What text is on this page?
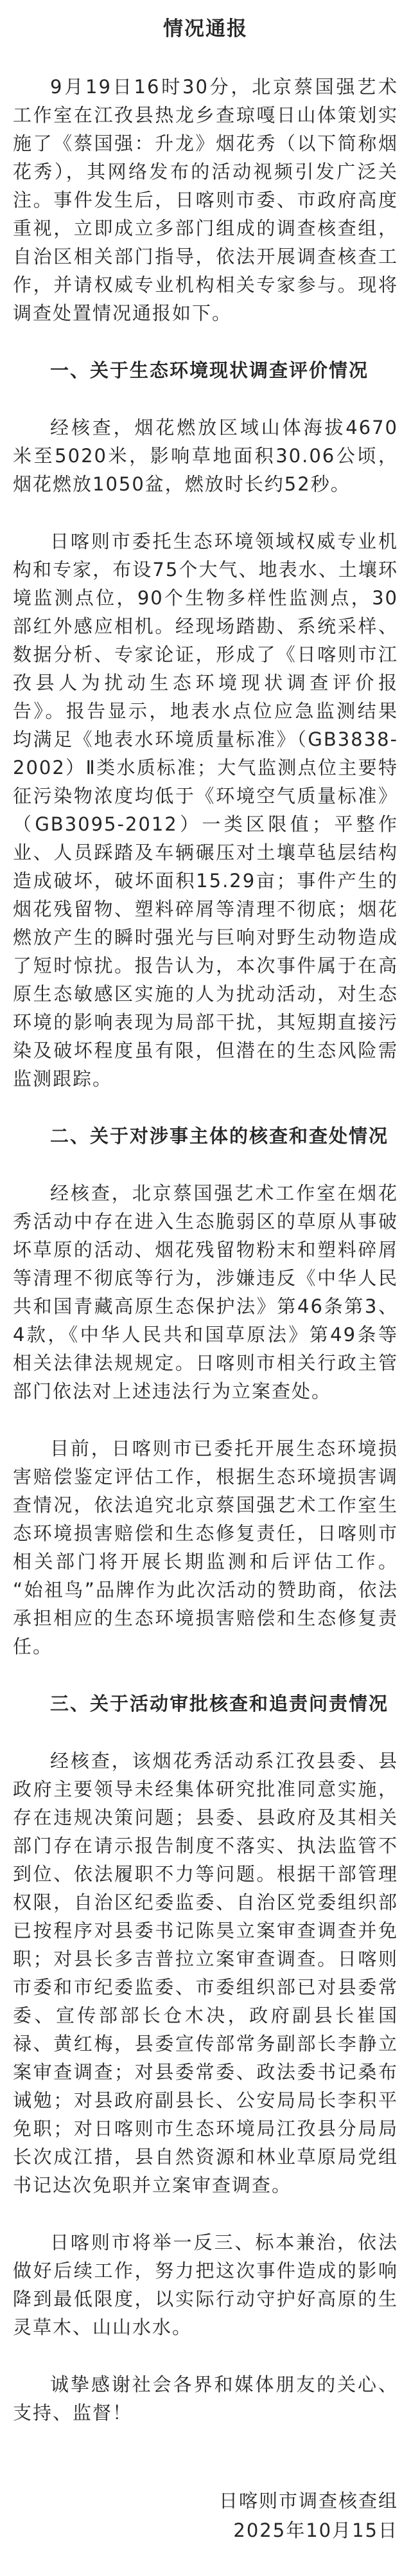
情况通报

9月19日16时30分，北京蔡国强艺术工作室在江孜县热龙乡查琼嘎日山体策划实施了《蔡国强：升龙》烟花秀（以下简称烟花秀），其网络发布的活动视频引发广泛关注。事件发生后，日喀则市委、市政府高度重视，立即成立多部门组成的调查核查组，自治区相关部门指导，依法开展调查核查工作，并请权威专业机构相关专家参与。现将调查处置情况通报如下。

一、关于生态环境现状调查评价情况

经核查，烟花燃放区域山体海拔4670米至5020米，影响草地面积30.06公顷，烟花燃放1050盆，燃放时长约52秒。

日喀则市委托生态环境领域权威专业机构和专家，布设75个大气、地表水、土壤环境监测点位，90个生物多样性监测点，30部红外感应相机。经现场踏勘、系统采样、数据分析、专家论证，形成了《日喀则市江孜县人为扰动生态环境现状调查评价报告》。报告显示，地表水点位应急监测结果均满足《地表水环境质量标准》（GB3838-2002）Ⅱ类水质标准；大气监测点位主要特征污染物浓度均低于《环境空气质量标准》（GB3095-2012）一类区限值；平整作业、人员踩踏及车辆碾压对土壤草毡层结构造成破坏，破坏面积15.29亩；事件产生的烟花残留物、塑料碎屑等清理不彻底；烟花燃放产生的瞬时强光与巨响对野生动物造成了短时惊扰。报告认为，本次事件属于在高原生态敏感区实施的人为扰动活动，对生态环境的影响表现为局部干扰，其短期直接污染及破坏程度虽有限，但潜在的生态风险需监测跟踪。

二、关于对涉事主体的核查和查处情况

经核查，北京蔡国强艺术工作室在烟花秀活动中存在进入生态脆弱区的草原从事破坏草原的活动、烟花残留物粉末和塑料碎屑等清理不彻底等行为，涉嫌违反《中华人民共和国青藏高原生态保护法》第46条第3、4款，《中华人民共和国草原法》第49条等相关法律法规规定。日喀则市相关行政主管部门依法对上述违法行为立案查处。

目前，日喀则市已委托开展生态环境损害赔偿鉴定评估工作，根据生态环境损害调查情况，依法追究北京蔡国强艺术工作室生态环境损害赔偿和生态修复责任，日喀则市相关部门将开展长期监测和后评估工作。“始祖鸟”品牌作为此次活动的赞助商，依法承担相应的生态环境损害赔偿和生态修复责任。

三、关于活动审批核查和追责问责情况

经核查，该烟花秀活动系江孜县委、县政府主要领导未经集体研究批准同意实施，存在违规决策问题；县委、县政府及其相关部门存在请示报告制度不落实、执法监管不到位、依法履职不力等问题。根据干部管理权限，自治区纪委监委、自治区党委组织部已按程序对县委书记陈昊立案审查调查并免职；对县长多吉普拉立案审查调查。日喀则市委和市纪委监委、市委组织部已对县委常委、宣传部部长仓木决，政府副县长崔国禄、黄红梅，县委宣传部常务副部长李静立案审查调查；对县委常委、政法委书记桑布诫勉；对县政府副县长、公安局局长李积平免职；对日喀则市生态环境局江孜县分局局长次成江措，县自然资源和林业草原局党组书记达次免职并立案审查调查。

日喀则市将举一反三、标本兼治，依法做好后续工作，努力把这次事件造成的影响降到最低限度，以实际行动守护好高原的生灵草木、山山水水。

诚挚感谢社会各界和媒体朋友的关心、支持、监督！

日喀则市调查核查组
2025年10月15日
